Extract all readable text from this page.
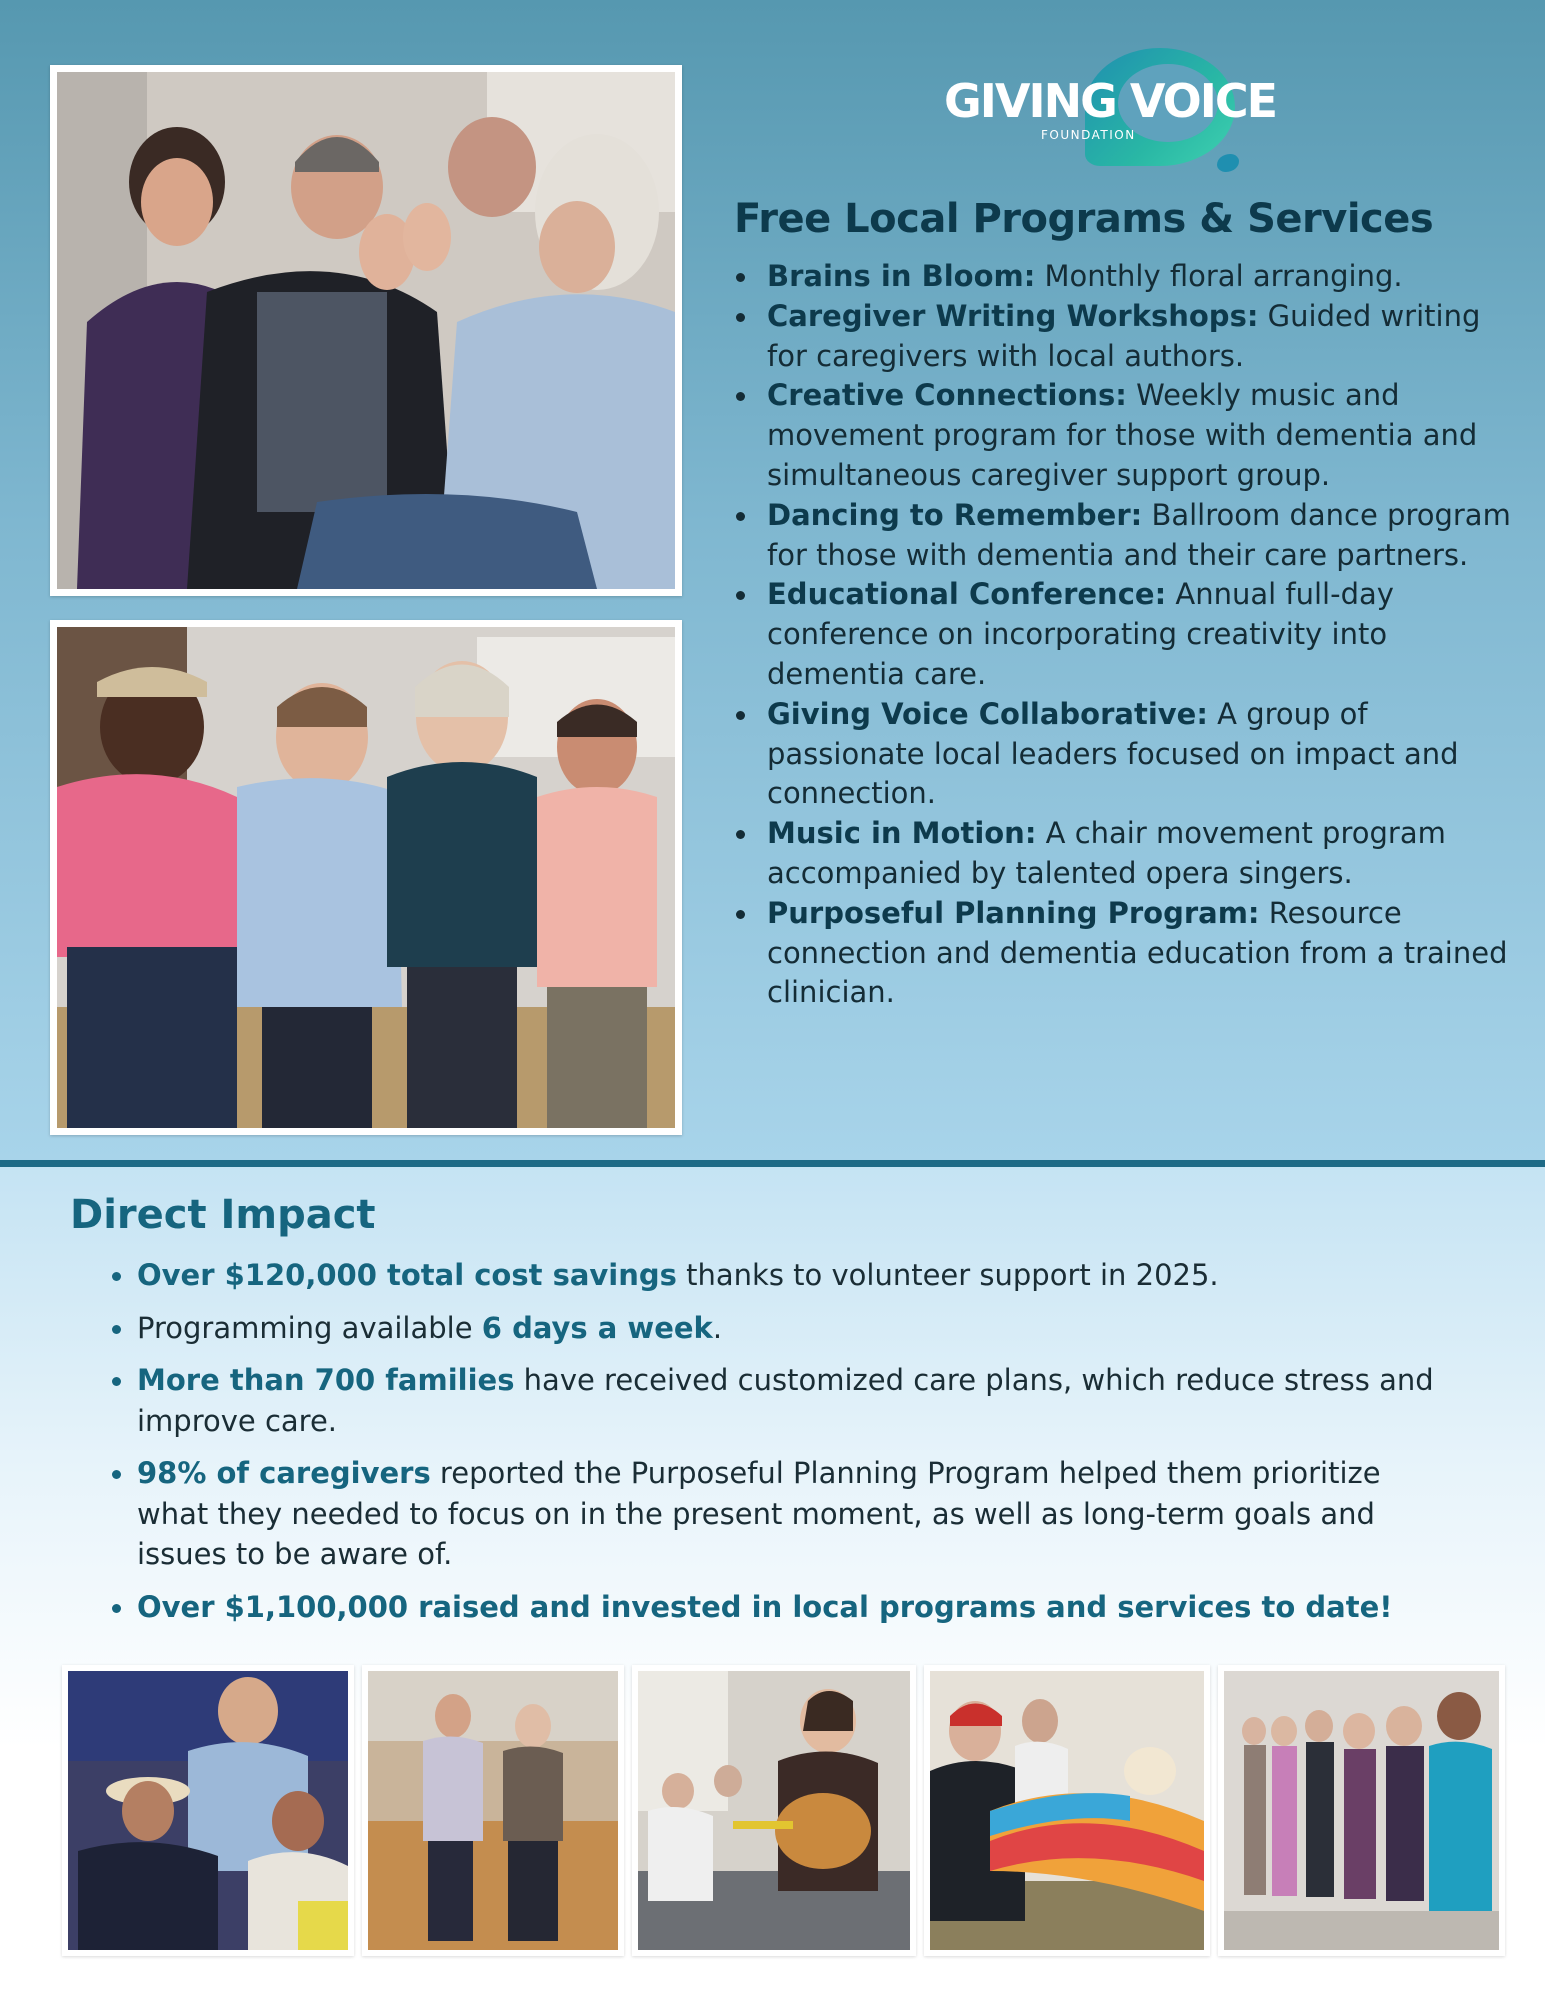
GIVING VOICE
FOUNDATION
Free Local Programs & Services
Brains in Bloom: Monthly floral arranging.
Caregiver Writing Workshops: Guided writing for caregivers with local authors.
Creative Connections: Weekly music and movement program for those with dementia and simultaneous caregiver support group.
Dancing to Remember: Ballroom dance program for those with dementia and their care partners.
Educational Conference: Annual full-day conference on incorporating creativity into dementia care.
Giving Voice Collaborative: A group of passionate local leaders focused on impact and connection.
Music in Motion: A chair movement program accompanied by talented opera singers.
Purposeful Planning Program: Resource connection and dementia education from a trained clinician.
Direct Impact
Over $120,000 total cost savings thanks to volunteer support in 2025.
Programming available 6 days a week.
More than 700 families have received customized care plans, which reduce stress and improve care.
98% of caregivers reported the Purposeful Planning Program helped them prioritize what they needed to focus on in the present moment, as well as long-term goals and issues to be aware of.
Over $1,100,000 raised and invested in local programs and services to date!
